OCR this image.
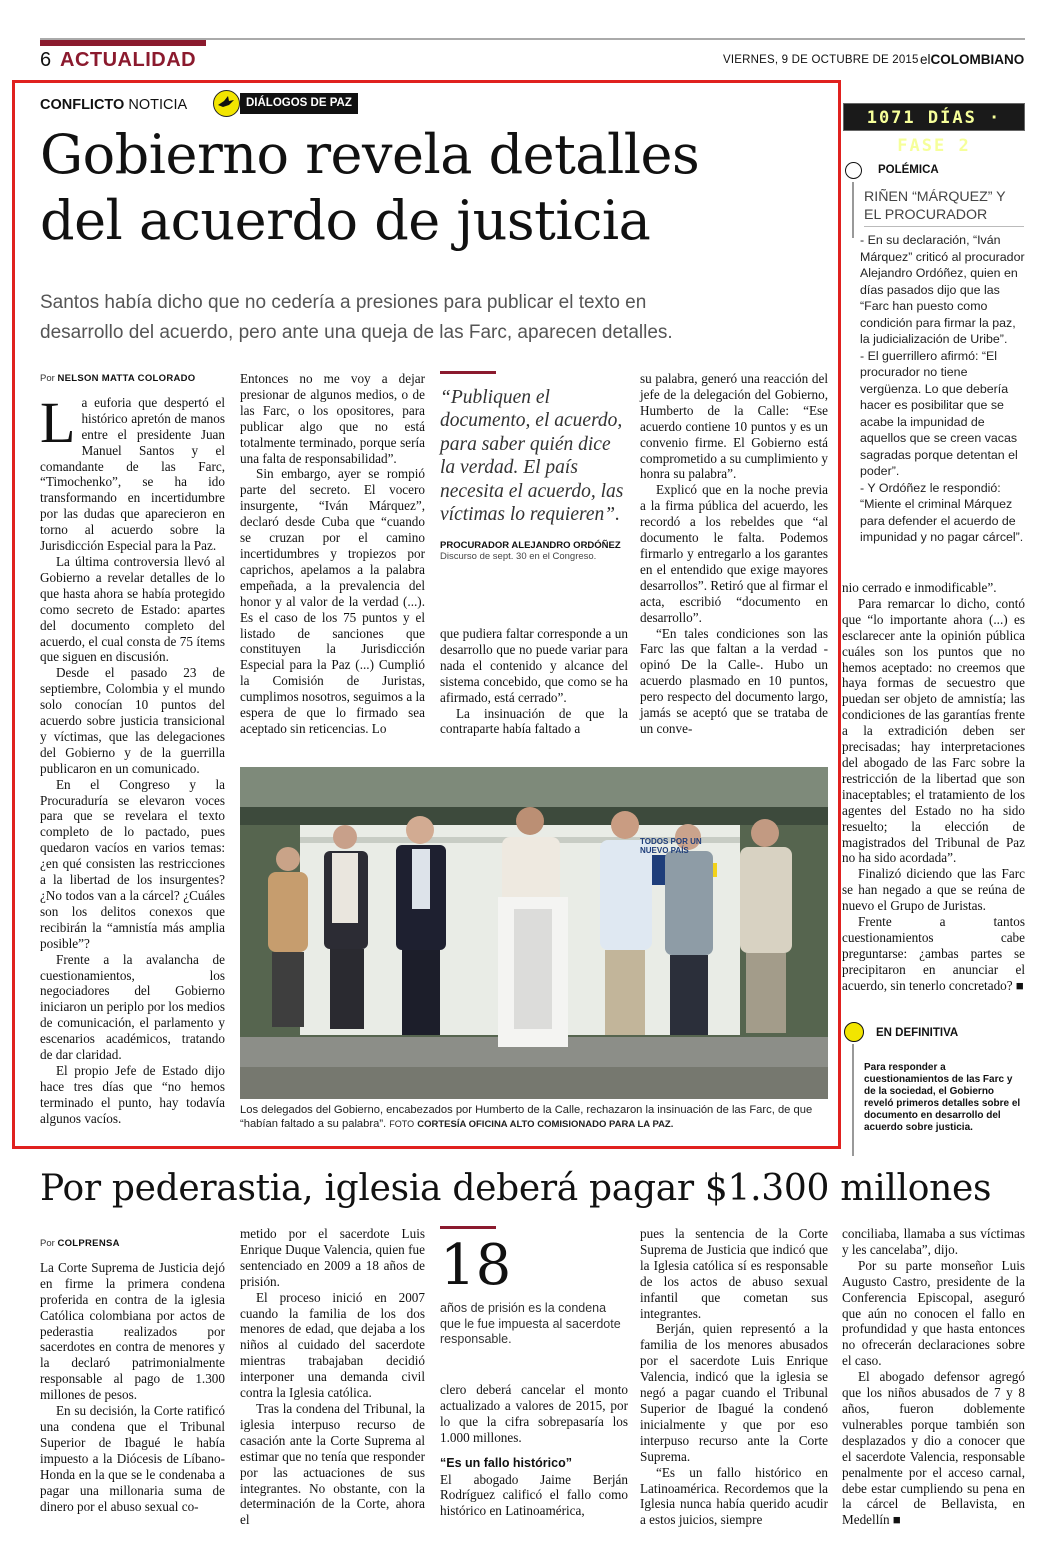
6 ACTUALIDAD	VIERNES, 9 DE OCTUBRE DE 2015 elCOLOMBIANO
CONFLICTO NOTICIA	DIÁLOGOS DE PAZ
Gobierno revela detalles
del acuerdo de justicia
Santos había dicho que no cedería a presiones para publicar el texto en
desarrollo del acuerdo, pero ante una queja de las Farc, aparecen detalles.
Por NELSON MATTA COLORADO

La euforia que despertó el histórico apretón de manos entre el presidente Juan Manuel Santos y el comandante de las Farc, “Timochenko”, se ha ido transformando en incertidumbre por las dudas que aparecieron en torno al acuerdo sobre la Jurisdicción Especial para la Paz.

La última controversia llevó al Gobierno a revelar detalles de lo que hasta ahora se había protegido como secreto de Estado: apartes del documento completo del acuerdo, el cual consta de 75 ítems que siguen en discusión.

Desde el pasado 23 de septiembre, Colombia y el mundo solo conocían 10 puntos del acuerdo sobre justicia transicional y víctimas, que las delegaciones del Gobierno y de la guerrilla publicaron en un comunicado.

En el Congreso y la Procuraduría se elevaron voces para que se revelara el texto completo de lo pactado, pues quedaron vacíos en varios temas: ¿en qué consisten las restricciones a la libertad de los insurgentes? ¿No todos van a la cárcel? ¿Cuáles son los delitos conexos que recibirán la “amnistía más amplia posible”?

Frente a la avalancha de cuestionamientos, los negociadores del Gobierno iniciaron un periplo por los medios de comunicación, el parlamento y escenarios académicos, tratando de dar claridad.

El propio Jefe de Estado dijo hace tres días que “no hemos terminado el punto, hay todavía algunos vacíos.

Entonces no me voy a dejar presionar de algunos medios, o de las Farc, o los opositores, para publicar algo que no está totalmente terminado, porque sería una falta de responsabilidad”.

Sin embargo, ayer se rompió parte del secreto. El vocero insurgente, “Iván Márquez”, declaró desde Cuba que “cuando se cruzan por el camino incertidumbres y tropiezos por caprichos, apelamos a la palabra empeñada, a la prevalencia del honor y al valor de la verdad (...). Es el caso de los 75 puntos y el listado de sanciones que constituyen la Jurisdicción Especial para la Paz (...) Cumplió la Comisión de Juristas, cumplimos nosotros, seguimos a la espera de que lo firmado sea aceptado sin reticencias. Lo

“Publiquen el documento, el acuerdo, para saber quién dice la verdad. El país necesita el acuerdo, las víctimas lo requieren”.
PROCURADOR ALEJANDRO ORDÓÑEZ
Discurso de sept. 30 en el Congreso.

que pudiera faltar corresponde a un desarrollo que no puede variar para nada el contenido y alcance del sistema concebido, que como se ha afirmado, está cerrado”.

La insinuación de que la contraparte había faltado a

su palabra, generó una reacción del jefe de la delegación del Gobierno, Humberto de la Calle: “Ese acuerdo contiene 10 puntos y es un convenio firme. El Gobierno está comprometido a su cumplimiento y honra su palabra”.

Explicó que en la noche previa a la firma pública del acuerdo, les recordó a los rebeldes que “al documento le falta. Podemos firmarlo y entregarlo a los garantes en el entendido que exige mayores desarrollos”. Retiró que al firmar el acta, escribió “documento en desarrollo”.

“En tales condiciones son las Farc las que faltan a la verdad -opinó De la Calle-. Hubo un acuerdo plasmado en 10 puntos, pero respecto del documento largo, jamás se aceptó que se trataba de un conve-

nio cerrado e inmodificable”.

Para remarcar lo dicho, contó que “lo importante ahora (...) es esclarecer ante la opinión pública cuáles son los puntos que no hemos aceptado: no creemos que haya formas de secuestro que puedan ser objeto de amnistía; las condiciones de las garantías frente a la extradición deben ser precisadas; hay interpretaciones del abogado de las Farc sobre la restricción de la libertad que son inaceptables; el tratamiento de los agentes del Estado no ha sido resuelto; la elección de magistrados del Tribunal de Paz no ha sido acordada”.

Finalizó diciendo que las Farc se han negado a que se reúna de nuevo el Grupo de Juristas.

Frente a tantos cuestionamientos cabe preguntarse: ¿ambas partes se precipitaron en anunciar el acuerdo, sin tenerlo concretado? ■

TODOS POR UN NUEVO PAÍS
Los delegados del Gobierno, encabezados por Humberto de la Calle, rechazaron la insinuación de las Farc, de que “habían faltado a su palabra”. FOTO CORTESÍA OFICINA ALTO COMISIONADO PARA LA PAZ.
1071 DÍAS · FASE 2
POLÉMICA
RIÑEN “MÁRQUEZ” Y EL PROCURADOR
- En su declaración, “Iván Márquez” criticó al procurador Alejandro Ordóñez, quien en días pasados dijo que las “Farc han puesto como condición para firmar la paz, la judicialización de Uribe”.
- El guerrillero afirmó: “El procurador no tiene vergüenza. Lo que debería hacer es posibilitar que se acabe la impunidad de aquellos que se creen vacas sagradas porque detentan el poder”.
- Y Ordóñez le respondió: “Miente el criminal Márquez para defender el acuerdo de impunidad y no pagar cárcel”.
EN DEFINITIVA
Para responder a cuestionamientos de las Farc y de la sociedad, el Gobierno reveló primeros detalles sobre el documento en desarrollo del acuerdo sobre justicia.
Por pederastia, iglesia deberá pagar $1.300 millones
Por COLPRENSA

La Corte Suprema de Justicia dejó en firme la primera condena proferida en contra de la iglesia Católica colombiana por actos de pederastia realizados por sacerdotes en contra de menores y la declaró patrimonialmente responsable al pago de 1.300 millones de pesos.

En su decisión, la Corte ratificó una condena que el Tribunal Superior de Ibagué le había impuesto a la Diócesis de Líbano-Honda en la que se le condenaba a pagar una millonaria suma de dinero por el abuso sexual co-

metido por el sacerdote Luis Enrique Duque Valencia, quien fue sentenciado en 2009 a 18 años de prisión.

El proceso inició en 2007 cuando la familia de los dos menores de edad, que dejaba a los niños al cuidado del sacerdote mientras trabajaban decidió interponer una demanda civil contra la Iglesia católica.

Tras la condena del Tribunal, la iglesia interpuso recurso de casación ante la Corte Suprema al estimar que no tenía que responder por las actuaciones de sus integrantes. No obstante, con la determinación de la Corte, ahora el

18
años de prisión es la condena que le fue impuesta al sacerdote responsable.

clero deberá cancelar el monto actualizado a valores de 2015, por lo que la cifra sobrepasaría los 1.000 millones.

“Es un fallo histórico”

El abogado Jaime Berján Rodríguez calificó el fallo como histórico en Latinoamérica,

pues la sentencia de la Corte Suprema de Justicia que indicó que la Iglesia católica sí es responsable de los actos de abuso sexual infantil que cometan sus integrantes.

Berján, quien representó a la familia de los menores abusados por el sacerdote Luis Enrique Valencia, indicó que la iglesia se negó a pagar cuando el Tribunal Superior de Ibagué la condenó inicialmente y que por eso interpuso recurso ante la Corte Suprema.

“Es un fallo histórico en Latinoamérica. Recordemos que la Iglesia nunca había querido acudir a estos juicios, siempre

conciliaba, llamaba a sus víctimas y les cancelaba”, dijo.

Por su parte monseñor Luis Augusto Castro, presidente de la Conferencia Episcopal, aseguró que aún no conocen el fallo en profundidad y que hasta entonces no ofrecerán declaraciones sobre el caso.

El abogado defensor agregó que los niños abusados de 7 y 8 años, fueron doblemente vulnerables porque también son desplazados y dio a conocer que el sacerdote Valencia, responsable penalmente por el acceso carnal, debe estar cumpliendo su pena en la cárcel de Bellavista, en Medellín ■
